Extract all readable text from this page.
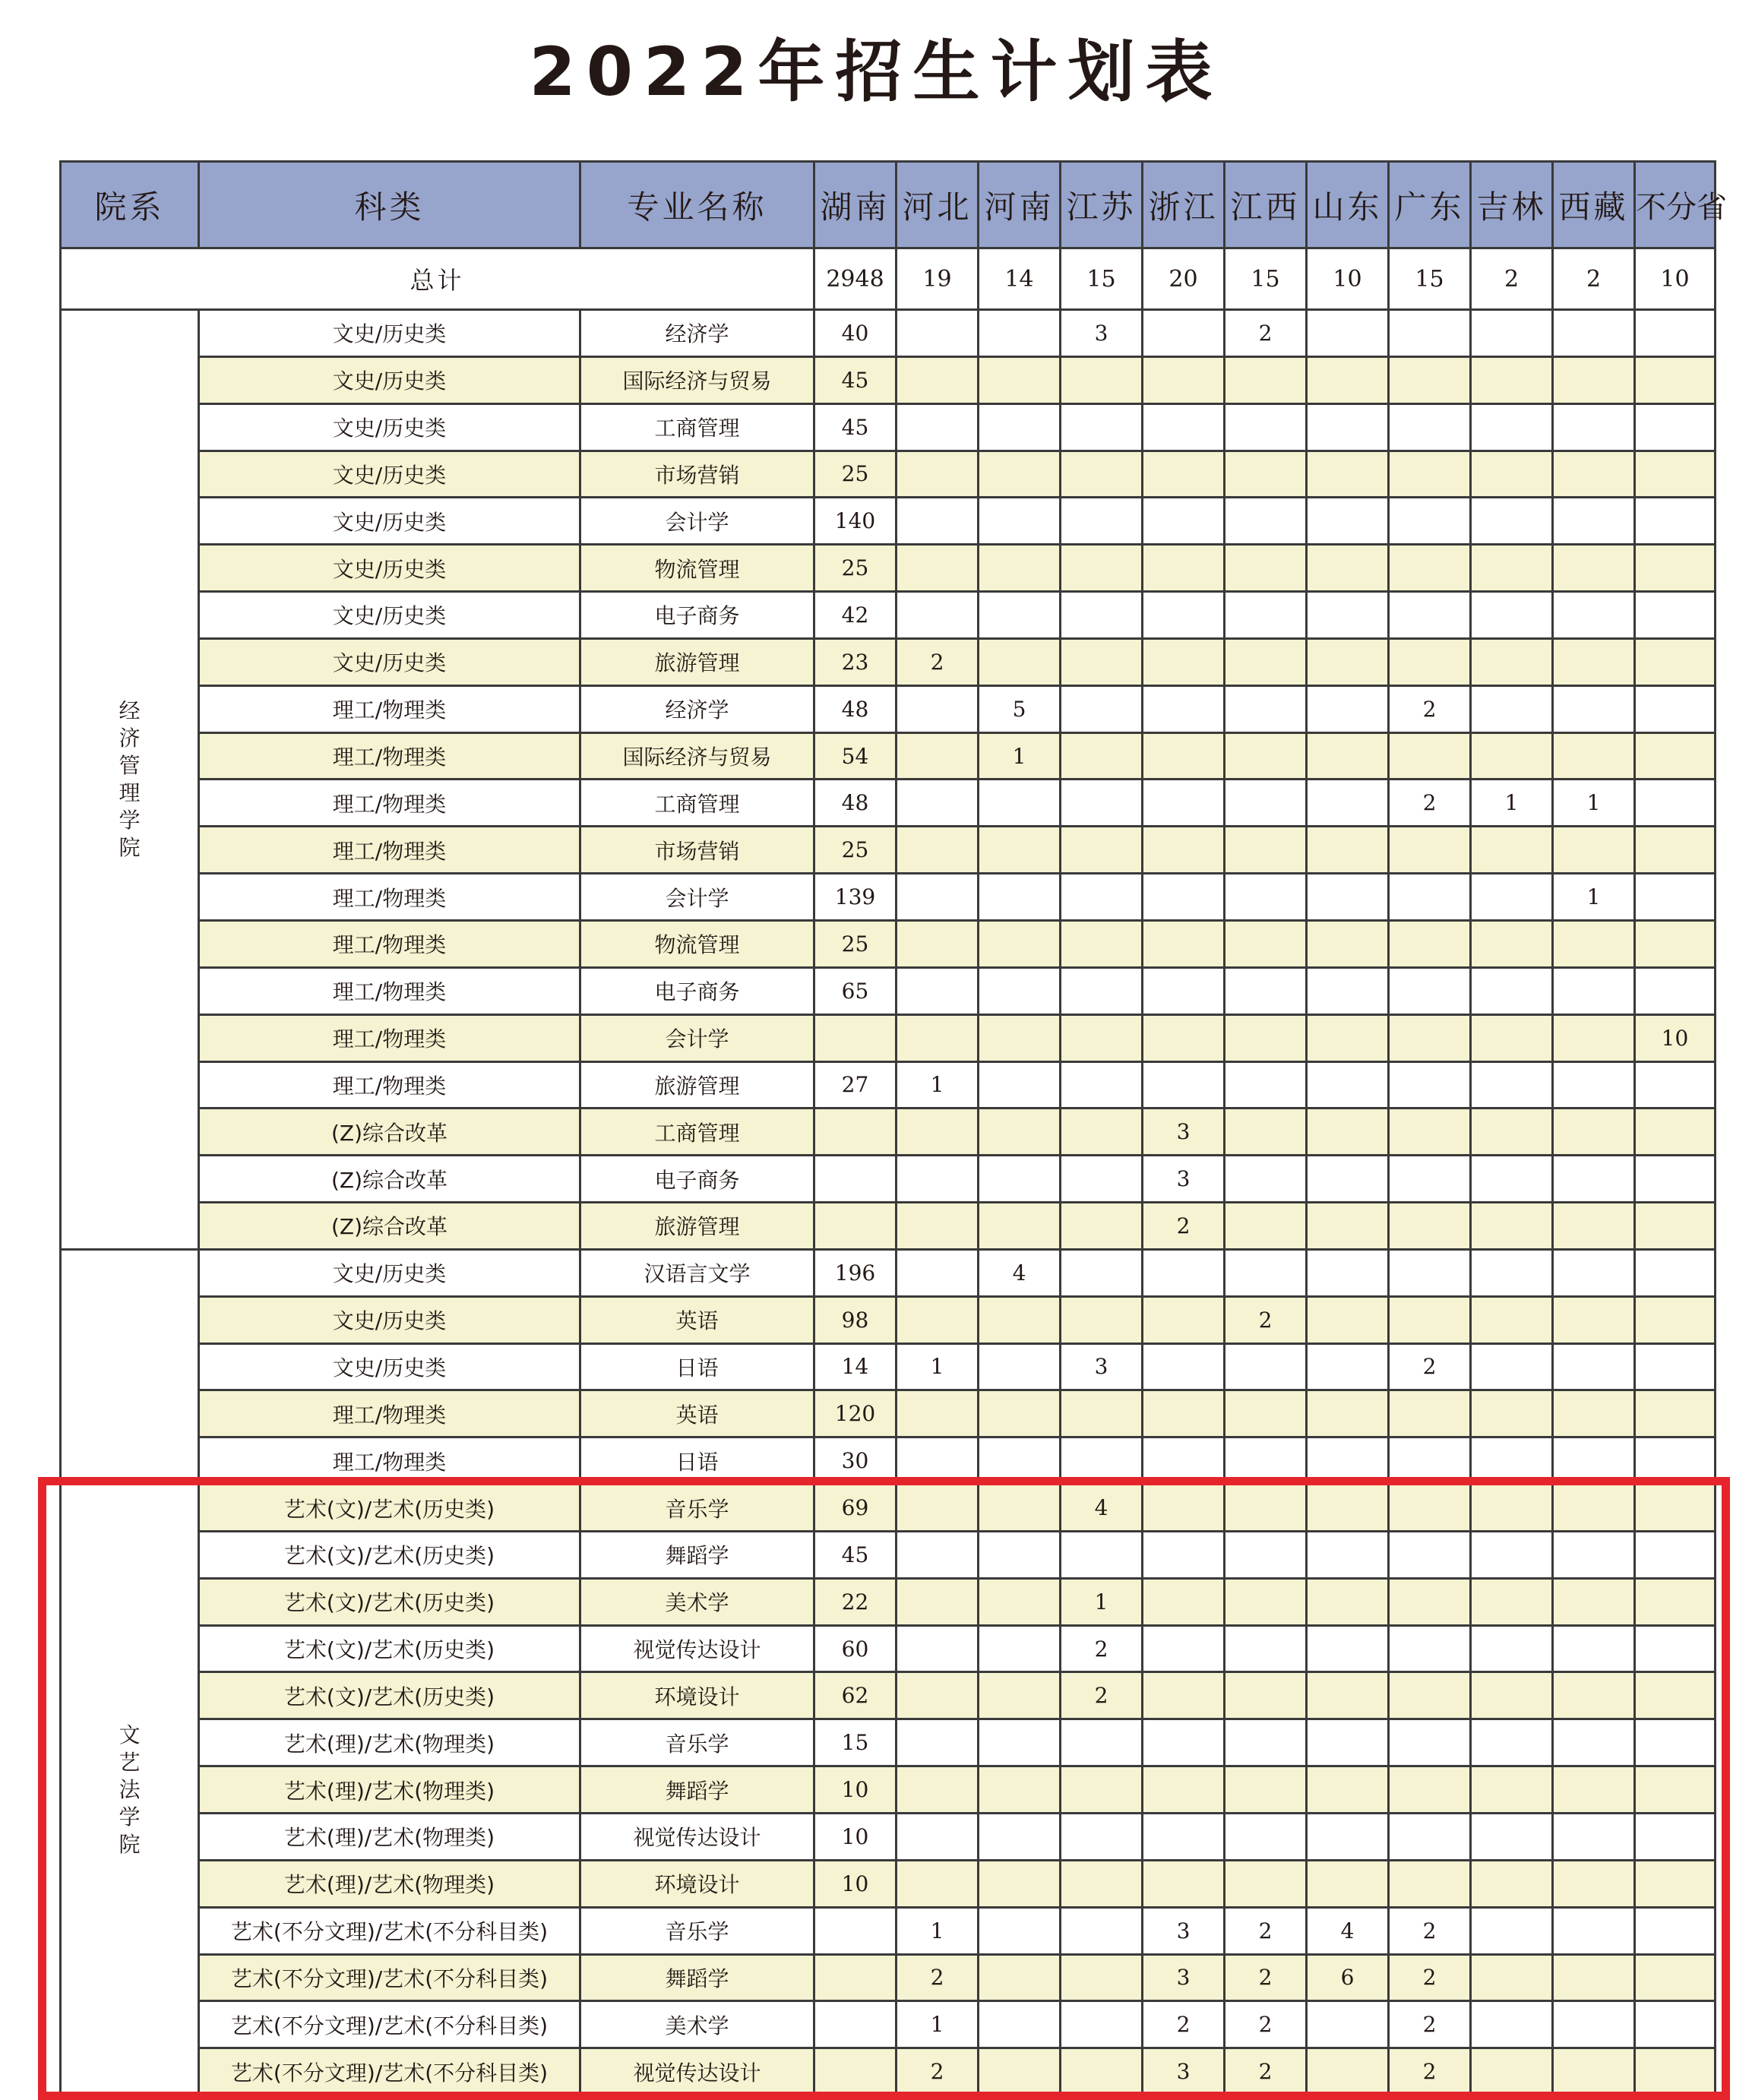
2022年招生计划表
院系	科类	专业名称	湖南	河北	河南	江苏	浙江	江西	山东	广东	吉林	西藏	不分省
总计			2948	19	14	15	20	15	10	15	2	2	10
经济管理学院	文史/历史类	经济学	40			3		2					
	文史/历史类	国际经济与贸易	45										
	文史/历史类	工商管理	45										
	文史/历史类	市场营销	25										
	文史/历史类	会计学	140										
	文史/历史类	物流管理	25										
	文史/历史类	电子商务	42										
	文史/历史类	旅游管理	23	2									
	理工/物理类	经济学	48		5					2			
	理工/物理类	国际经济与贸易	54		1								
	理工/物理类	工商管理	48							2	1	1	
	理工/物理类	市场营销	25										
	理工/物理类	会计学	139									1	
	理工/物理类	物流管理	25										
	理工/物理类	电子商务	65										
	理工/物理类	会计学											10
	理工/物理类	旅游管理	27	1									
	(Z)综合改革	工商管理					3						
	(Z)综合改革	电子商务					3						
	(Z)综合改革	旅游管理					2						
	文史/历史类	汉语言文学	196		4								
	文史/历史类	英语	98					2					
	文史/历史类	日语	14	1		3				2			
	理工/物理类	英语	120										
	理工/物理类	日语	30										
文艺法学院	艺术(文)/艺术(历史类)	音乐学	69			4							
	艺术(文)/艺术(历史类)	舞蹈学	45										
	艺术(文)/艺术(历史类)	美术学	22			1							
	艺术(文)/艺术(历史类)	视觉传达设计	60			2							
	艺术(文)/艺术(历史类)	环境设计	62			2							
	艺术(理)/艺术(物理类)	音乐学	15										
	艺术(理)/艺术(物理类)	舞蹈学	10										
	艺术(理)/艺术(物理类)	视觉传达设计	10										
	艺术(理)/艺术(物理类)	环境设计	10										
	艺术(不分文理)/艺术(不分科目类)	音乐学		1			3	2	4	2			
	艺术(不分文理)/艺术(不分科目类)	舞蹈学		2			3	2	6	2			
	艺术(不分文理)/艺术(不分科目类)	美术学		1			2	2		2			
	艺术(不分文理)/艺术(不分科目类)	视觉传达设计		2			3	2		2			
